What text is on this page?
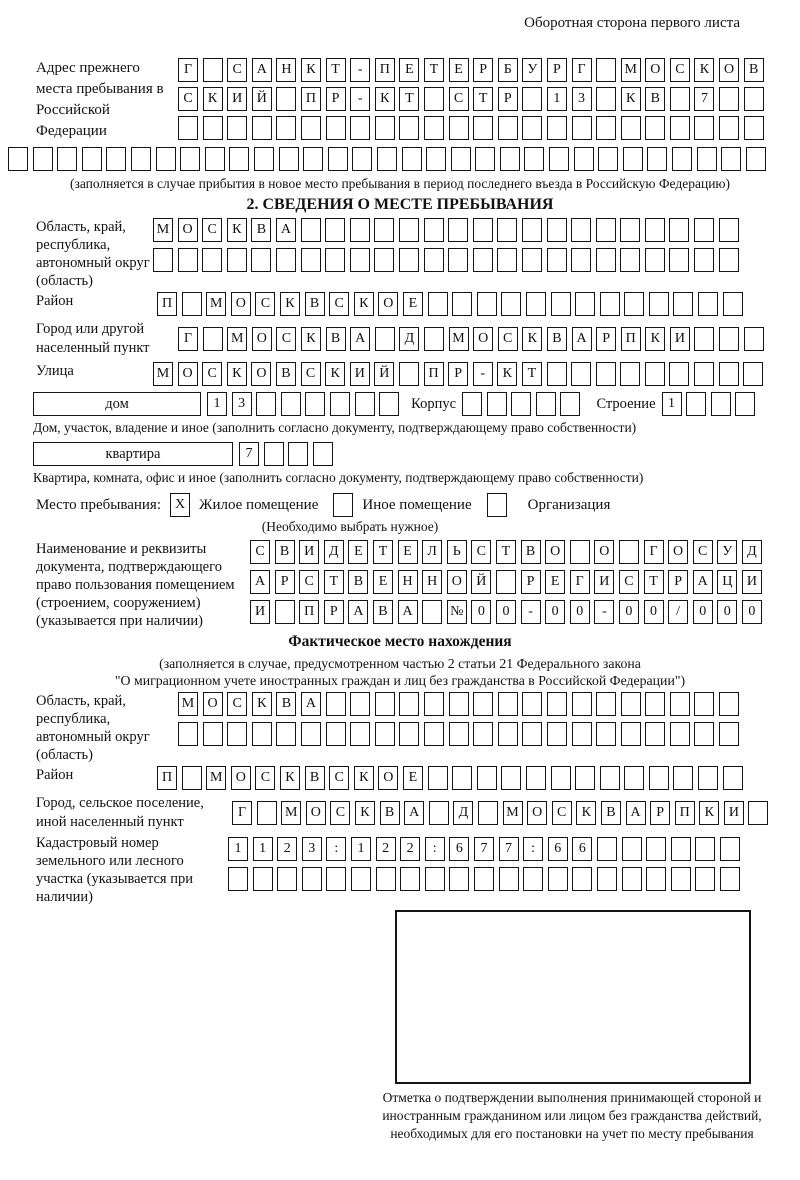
Оборотная сторона первого листа
Адрес прежнего места пребывания в Российской Федерации
Г	С	А	Н	К	Т	-	П	Е	Т	Е	Р	Б	У	Р	Г	М О	С	К	О	В
С	К	И	Й	П	Р	-	К	Т	С	Т	Р	1	3	К	В	7
(заполняется в случае прибытия в новое место пребывания в период последнего въезда в Российскую Федерацию)
2. СВЕДЕНИЯ О МЕСТЕ ПРЕБЫВАНИЯ
Область, край, республика, автономный округ (область)
М О	С	К	В	А
Район	П	М О	С	К	В	С	К	О	Е
Город или другой населенный пункт
Г	М О	С	К	В	А	Д	М О	С	К	В	А	Р	П	К	И
Улица	М О	С	К	О	В	С	К	И	Й	П	Р	-	К	Т
дом	1	3	Корпус	Строение 1
Дом, участок, владение и иное (заполнить согласно документу, подтверждающему право собственности)
квартира	7
Квартира, комната, офис и иное (заполнить согласно документу, подтверждающему право собственности)
Место пребывания: X Жилое помещение	Иное помещение	Организация
(Необходимо выбрать нужное)
Наименование и реквизиты документа, подтверждающего право пользования помещением (строением, сооружением) (указывается при наличии)
С	В	И	Д	Е	Т	Е	Л	Ь	С	Т	В	О	О	Г	О	С	У	Д
А	Р	С	Т	В	Е	Н	Н	О	Й	Р	Е	Г	И	С	Т	Р	А	Ц	И
И	П	Р	А	В	А	№	0	0	-	0	0	-	0	0	/	0	0	0
Фактическое место нахождения
(заполняется в случае, предусмотренном частью 2 статьи 21 Федерального закона
"О миграционном учете иностранных граждан и лиц без гражданства в Российской Федерации")
Область, край, республика, автономный округ (область)
М О	С	К	В	А
Район	П	М О	С	К	В	С	К	О	Е
Город, сельское поселение, иной населенный пункт
Г	М О	С	К	В	А	Д	М О	С	К	В	А	Р	П	К	И
Кадастровый номер земельного или лесного участка (указывается при наличии)
1	1	2	3	:	1	2	2	:	6	7	7	:	6	6
Отметка о подтверждении выполнения принимающей стороной и иностранным гражданином или лицом без гражданства действий, необходимых для его постановки на учет по месту пребывания
